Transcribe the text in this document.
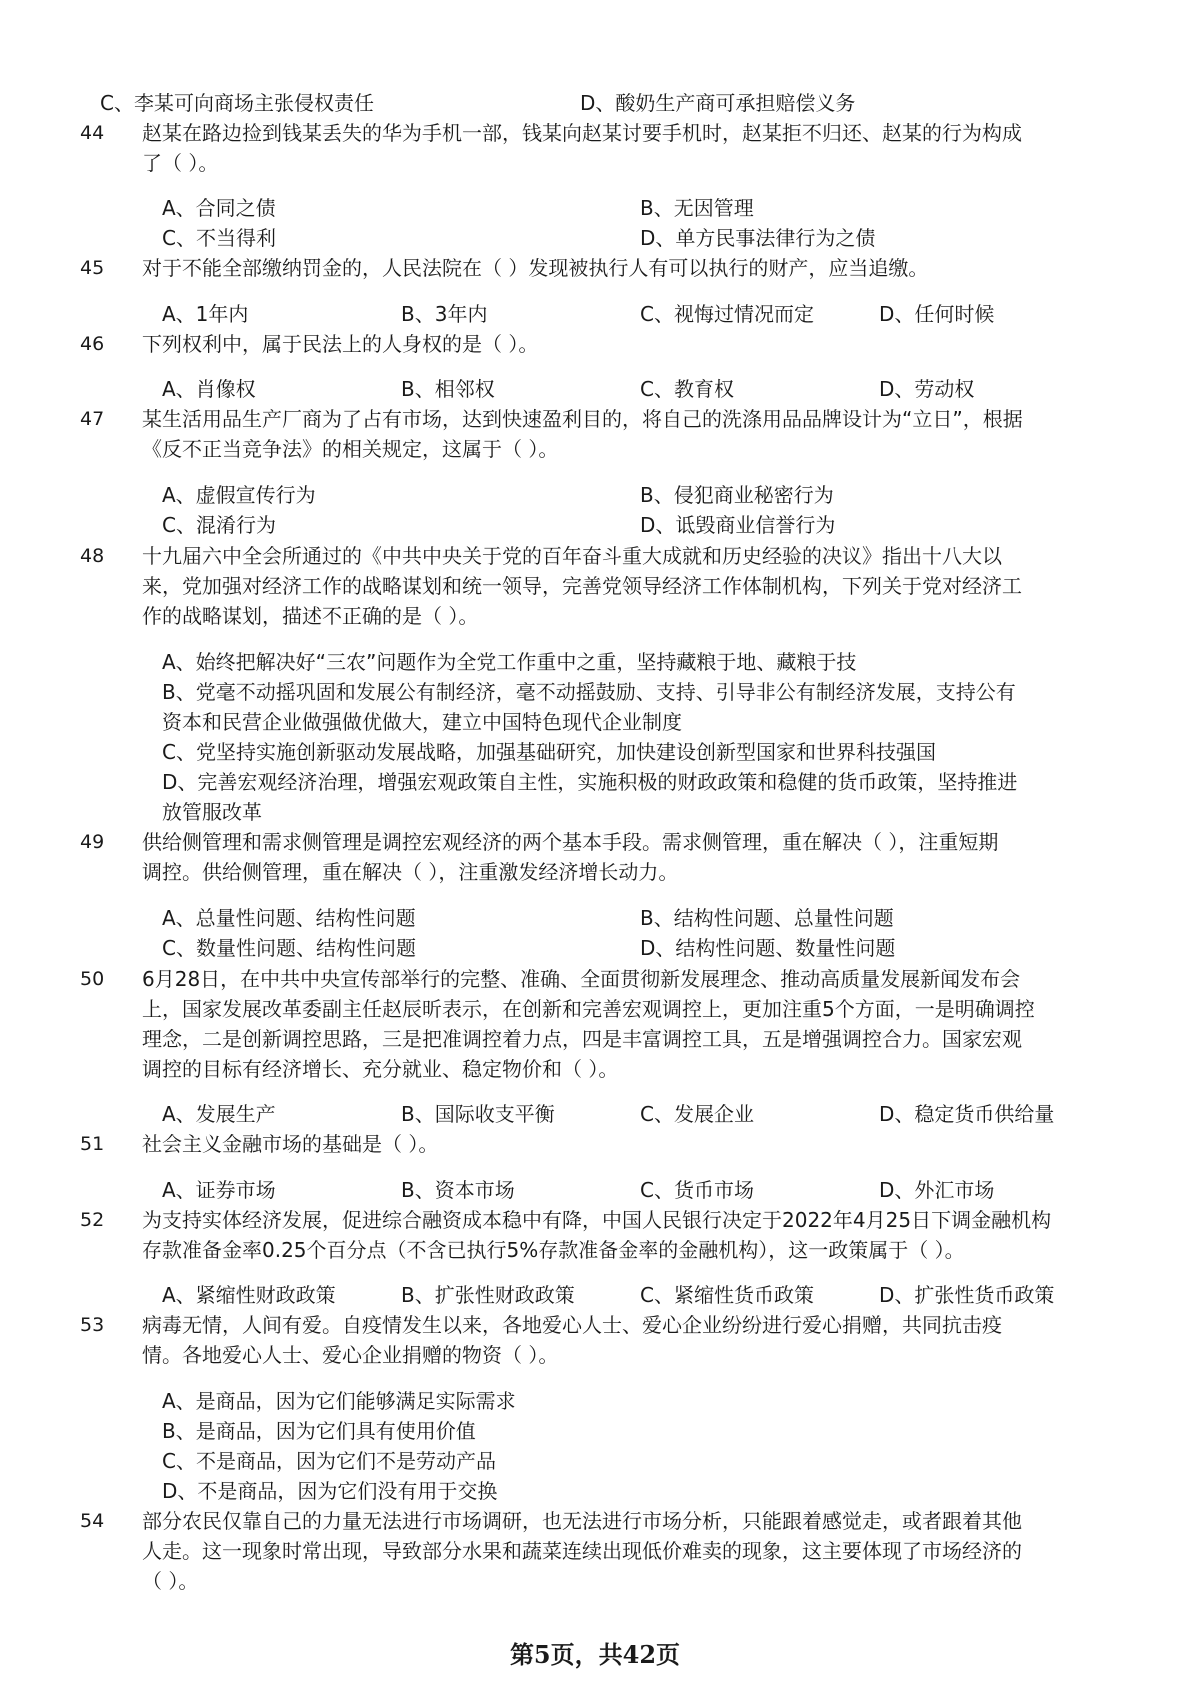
C、李某可向商场主张侵权责任	D、酸奶生产商可承担赔偿义务
44 赵某在路边捡到钱某丢失的华为手机一部，钱某向赵某讨要手机时，赵某拒不归还、赵某的行为构成
了（ ）。
A、合同之债	B、无因管理
C、不当得利	D、单方民事法律行为之债
45 对于不能全部缴纳罚金的，人民法院在（ ）发现被执行人有可以执行的财产，应当追缴。
A、1年内	B、3年内	C、视悔过情况而定	D、任何时候
46 下列权利中，属于民法上的人身权的是（ ）。
A、肖像权	B、相邻权	C、教育权	D、劳动权
47 某生活用品生产厂商为了占有市场，达到快速盈利目的，将自己的洗涤用品品牌设计为“立日”，根据
《反不正当竞争法》的相关规定，这属于（ ）。
A、虚假宣传行为	B、侵犯商业秘密行为
C、混淆行为	D、诋毁商业信誉行为
48 十九届六中全会所通过的《中共中央关于党的百年奋斗重大成就和历史经验的决议》指出十八大以
来，党加强对经济工作的战略谋划和统一领导，完善党领导经济工作体制机构，下列关于党对经济工
作的战略谋划，描述不正确的是（ ）。
A、始终把解决好“三农”问题作为全党工作重中之重，坚持藏粮于地、藏粮于技
B、党毫不动摇巩固和发展公有制经济，毫不动摇鼓励、支持、引导非公有制经济发展，支持公有
资本和民营企业做强做优做大，建立中国特色现代企业制度
C、党坚持实施创新驱动发展战略，加强基础研究，加快建设创新型国家和世界科技强国
D、完善宏观经济治理，增强宏观政策自主性，实施积极的财政政策和稳健的货币政策，坚持推进
放管服改革
49 供给侧管理和需求侧管理是调控宏观经济的两个基本手段。需求侧管理，重在解决（ ），注重短期
调控。供给侧管理，重在解决（ ），注重激发经济增长动力。
A、总量性问题、结构性问题	B、结构性问题、总量性问题
C、数量性问题、结构性问题	D、结构性问题、数量性问题
50 6月28日，在中共中央宣传部举行的完整、准确、全面贯彻新发展理念、推动高质量发展新闻发布会
上，国家发展改革委副主任赵辰昕表示，在创新和完善宏观调控上，更加注重5个方面，一是明确调控
理念，二是创新调控思路，三是把准调控着力点，四是丰富调控工具，五是增强调控合力。国家宏观
调控的目标有经济增长、充分就业、稳定物价和（ ）。
A、发展生产	B、国际收支平衡	C、发展企业	D、稳定货币供给量
51 社会主义金融市场的基础是（ ）。
A、证券市场	B、资本市场	C、货币市场	D、外汇市场
52 为支持实体经济发展，促进综合融资成本稳中有降，中国人民银行决定于2022年4月25日下调金融机构
存款准备金率0.25个百分点（不含已执行5%存款准备金率的金融机构），这一政策属于（ ）。
A、紧缩性财政政策	B、扩张性财政政策	C、紧缩性货币政策	D、扩张性货币政策
53 病毒无情，人间有爱。自疫情发生以来，各地爱心人士、爱心企业纷纷进行爱心捐赠，共同抗击疫
情。各地爱心人士、爱心企业捐赠的物资（ ）。
A、是商品，因为它们能够满足实际需求
B、是商品，因为它们具有使用价值
C、不是商品，因为它们不是劳动产品
D、不是商品，因为它们没有用于交换
54 部分农民仅靠自己的力量无法进行市场调研，也无法进行市场分析，只能跟着感觉走，或者跟着其他
人走。这一现象时常出现，导致部分水果和蔬菜连续出现低价难卖的现象，这主要体现了市场经济的
（ ）。
第5页，共42页
